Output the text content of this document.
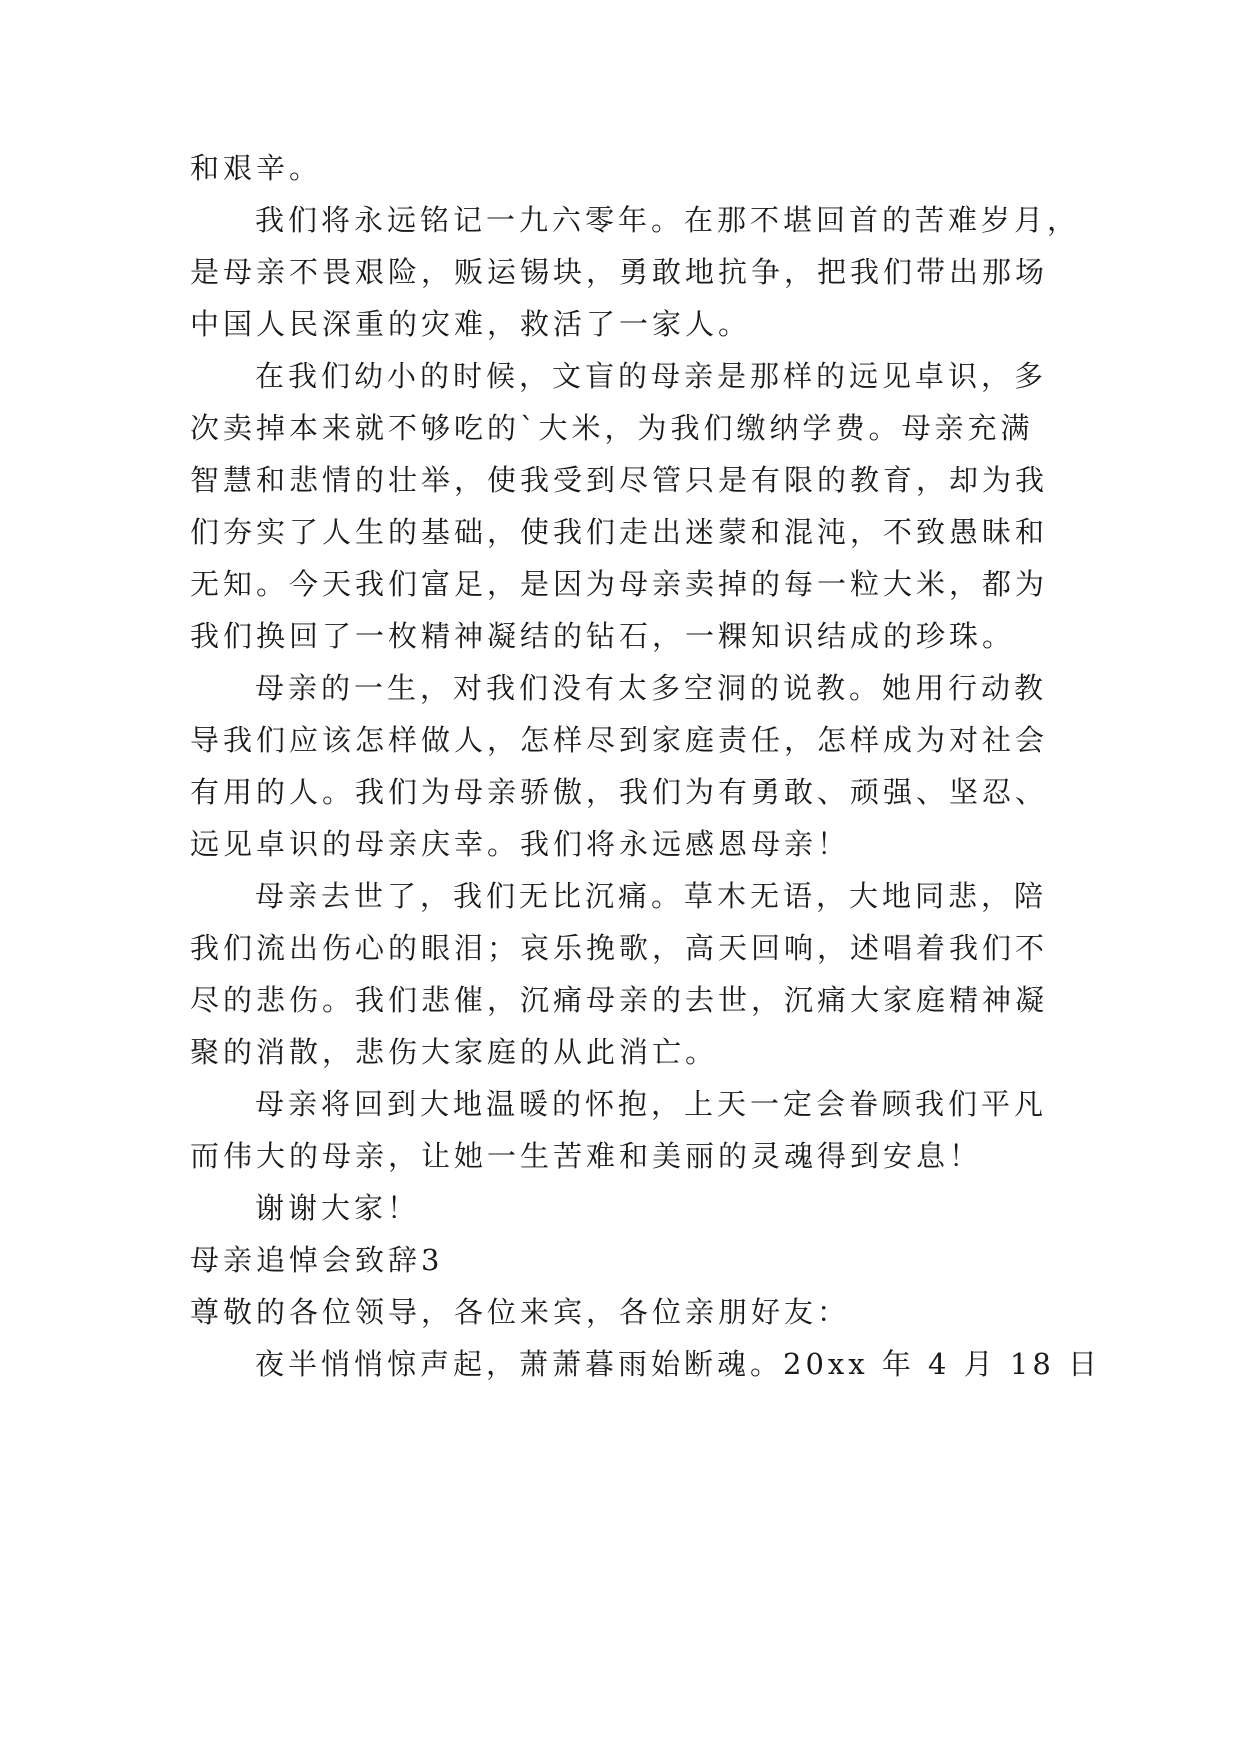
和艰辛。
我们将永远铭记一九六零年。在那不堪回首的苦难岁月，
是母亲不畏艰险，贩运锡块，勇敢地抗争，把我们带出那场
中国人民深重的灾难，救活了一家人。
在我们幼小的时候，文盲的母亲是那样的远见卓识，多
次卖掉本来就不够吃的`大米，为我们缴纳学费。母亲充满
智慧和悲情的壮举，使我受到尽管只是有限的教育，却为我
们夯实了人生的基础，使我们走出迷蒙和混沌，不致愚昧和
无知。今天我们富足，是因为母亲卖掉的每一粒大米，都为
我们换回了一枚精神凝结的钻石，一粿知识结成的珍珠。
母亲的一生，对我们没有太多空洞的说教。她用行动教
导我们应该怎样做人，怎样尽到家庭责任，怎样成为对社会
有用的人。我们为母亲骄傲，我们为有勇敢、顽强、坚忍、
远见卓识的母亲庆幸。我们将永远感恩母亲！
母亲去世了，我们无比沉痛。草木无语，大地同悲，陪
我们流出伤心的眼泪；哀乐挽歌，高天回响，述唱着我们不
尽的悲伤。我们悲催，沉痛母亲的去世，沉痛大家庭精神凝
聚的消散，悲伤大家庭的从此消亡。
母亲将回到大地温暖的怀抱，上天一定会眷顾我们平凡
而伟大的母亲，让她一生苦难和美丽的灵魂得到安息！
谢谢大家！
母亲追悼会致辞3
尊敬的各位领导，各位来宾，各位亲朋好友：
夜半悄悄惊声起，萧萧暮雨始断魂。20xx 年 4 月 18 日
